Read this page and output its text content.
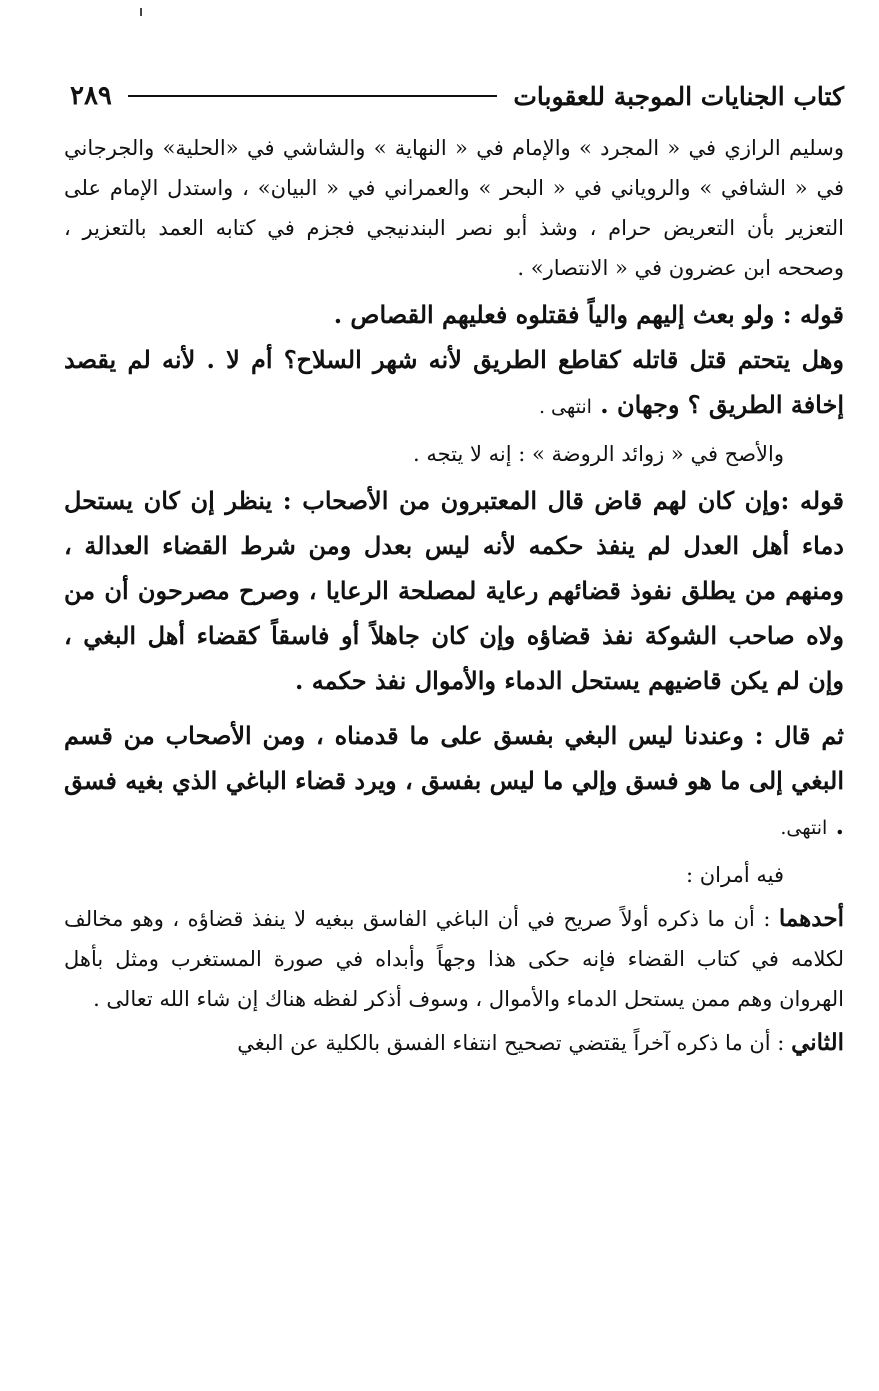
كتاب الجنايات الموجبة للعقوبات
٢٨٩

وسليم الرازي في « المجرد » والإمام في « النهاية » والشاشي في «الحلية» والجرجاني في « الشافي » والروياني في « البحر » والعمراني في « البيان» ، واستدل الإمام على التعزير بأن التعريض حرام ، وشذ أبو نصر البندنيجي فجزم في كتابه العمد بالتعزير ، وصححه ابن عضرون في « الانتصار» .

قوله : ولو بعث إليهم والياً فقتلوه فعليهم القصاص .

وهل يتحتم قتل قاتله كقاطع الطريق لأنه شهر السلاح؟ أم لا . لأنه لم يقصد إخافة الطريق ؟ وجهان . انتهى .

والأصح في « زوائد الروضة » : إنه لا يتجه .

قوله :وإن كان لهم قاض قال المعتبرون من الأصحاب : ينظر إن كان يستحل دماء أهل العدل لم ينفذ حكمه لأنه ليس بعدل ومن شرط القضاء العدالة ، ومنهم من يطلق نفوذ قضائهم رعاية لمصلحة الرعايا ، وصرح مصرحون أن من ولاه صاحب الشوكة نفذ قضاؤه وإن كان جاهلاً أو فاسقاً كقضاء أهل البغي ، وإن لم يكن قاضيهم يستحل الدماء والأموال نفذ حكمه .

ثم قال : وعندنا ليس البغي بفسق على ما قدمناه ، ومن الأصحاب من قسم البغي إلى ما هو فسق وإلي ما ليس بفسق ، ويرد قضاء الباغي الذي بغيه فسق . انتهى.

فيه أمران :

أحدهما : أن ما ذكره أولاً صريح في أن الباغي الفاسق ببغيه لا ينفذ قضاؤه ، وهو مخالف لكلامه في كتاب القضاء فإنه حكى هذا وجهاً وأبداه في صورة المستغرب ومثل بأهل الهروان وهم ممن يستحل الدماء والأموال ، وسوف أذكر لفظه هناك إن شاء الله تعالى .

الثاني : أن ما ذكره آخراً يقتضي تصحيح انتفاء الفسق بالكلية عن البغي
